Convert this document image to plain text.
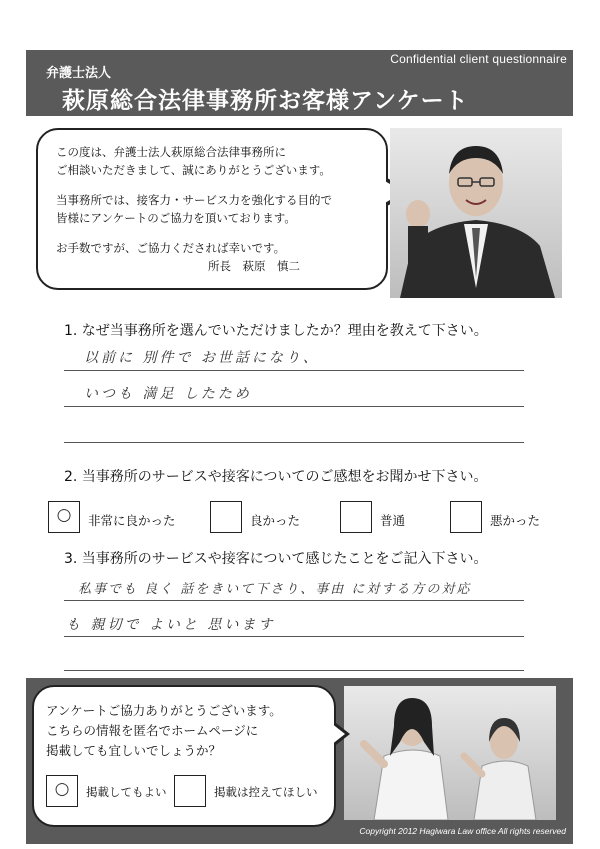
Confidential client questionnaire
弁護士法人
萩原総合法律事務所お客様アンケート
この度は、弁護士法人萩原総合法律事務所に
ご相談いただきまして、誠にありがとうございます。
当事務所では、接客力・サービス力を強化する目的で
皆様にアンケートのご協力を頂いております。
お手数ですが、ご協力くだされば幸いです。
所長　萩原　慎二
1. なぜ当事務所を選んでいただけましたか？理由を教えて下さい。
以前に 別件で お世話になり、
いつも 満足 したため
2. 当事務所のサービスや接客についてのご感想をお聞かせ下さい。
○	非常に良かった	良かった	普通	悪かった
3. 当事務所のサービスや接客について感じたことをご記入下さい。
私事でも 良く 話をきいて下さり、事由 に対する方の対応
も 親切で よいと 思います
アンケートご協力ありがとうございます。
こちらの情報を匿名でホームページに
掲載しても宜しいでしょうか？
○	掲載してもよい	掲載は控えてほしい
Copyright 2012 Hagiwara Law office All rights reserved
